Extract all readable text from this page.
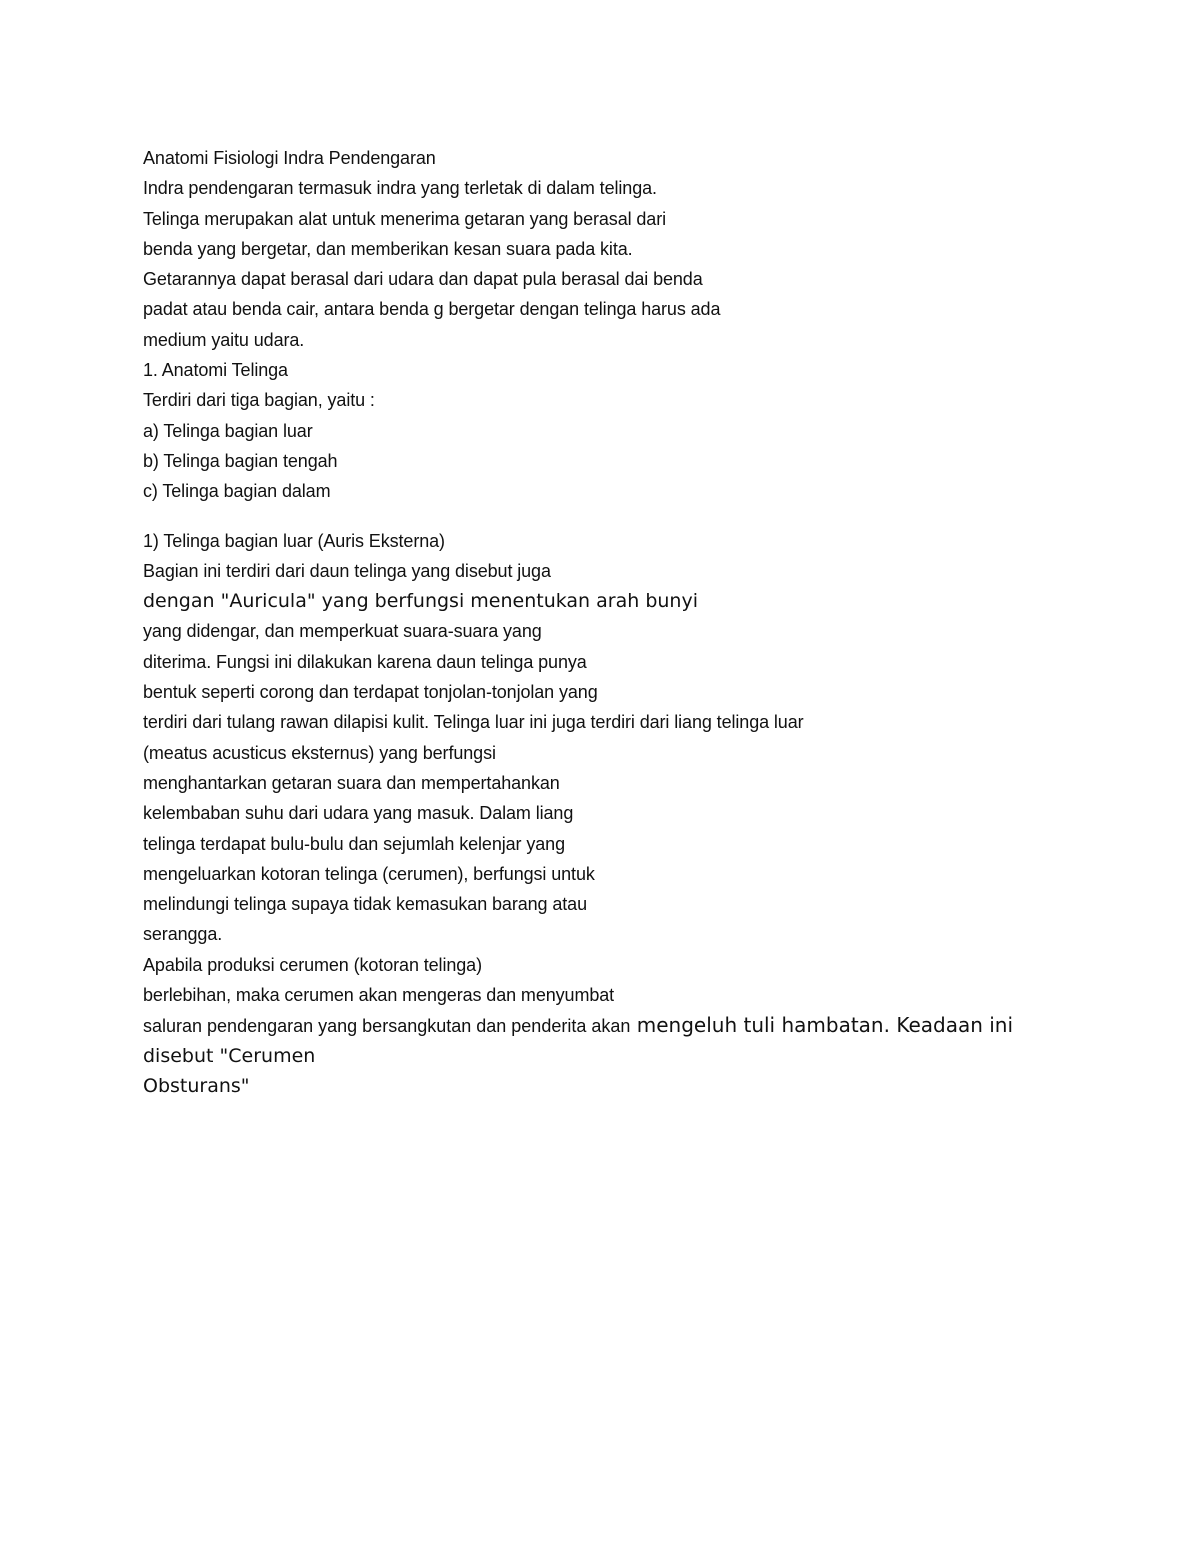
Anatomi Fisiologi Indra Pendengaran
Indra pendengaran termasuk indra yang terletak di dalam telinga.
Telinga merupakan alat untuk menerima getaran yang berasal dari
benda yang bergetar, dan memberikan kesan suara pada kita.
Getarannya dapat berasal dari udara dan dapat pula berasal dai benda
padat atau benda cair, antara benda g bergetar dengan telinga harus ada
medium yaitu udara.
1. Anatomi Telinga
Terdiri dari tiga bagian, yaitu :
a) Telinga bagian luar
b) Telinga bagian tengah
c) Telinga bagian dalam
1) Telinga bagian luar (Auris Eksterna)
Bagian ini terdiri dari daun telinga yang disebut juga
dengan "Auricula" yang berfungsi menentukan arah bunyi
yang didengar, dan memperkuat suara-suara yang
diterima. Fungsi ini dilakukan karena daun telinga punya
bentuk seperti corong dan terdapat tonjolan-tonjolan yang
terdiri dari tulang rawan dilapisi kulit. Telinga luar ini juga terdiri dari liang telinga luar
(meatus acusticus eksternus) yang berfungsi
menghantarkan getaran suara dan mempertahankan
kelembaban suhu dari udara yang masuk. Dalam liang
telinga terdapat bulu-bulu dan sejumlah kelenjar yang
mengeluarkan kotoran telinga (cerumen), berfungsi untuk
melindungi telinga supaya tidak kemasukan barang atau
serangga.
Apabila produksi cerumen (kotoran telinga)
berlebihan, maka cerumen akan mengeras dan menyumbat
saluran pendengaran yang bersangkutan dan penderita akan mengeluh tuli hambatan. Keadaan ini
disebut "Cerumen
Obsturans"
